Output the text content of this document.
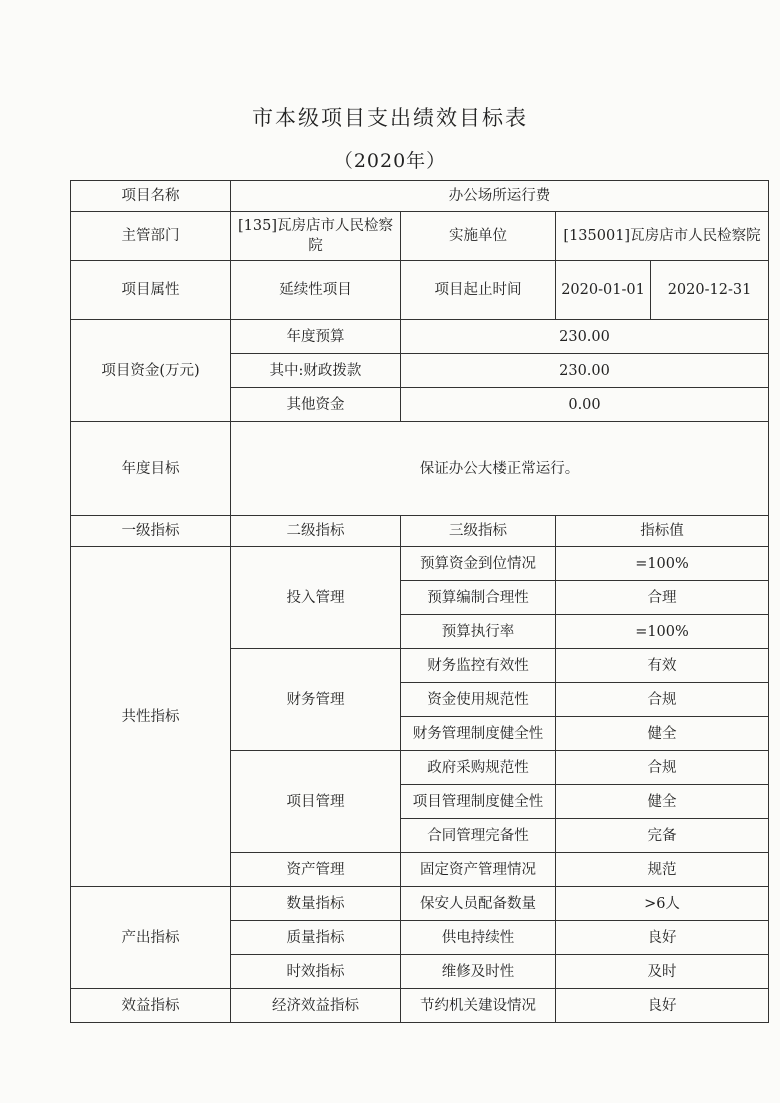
市本级项目支出绩效目标表
（2020年）
项目名称	办公场所运行费			
主管部门	[135]瓦房店市人民检察院	实施单位	[135001]瓦房店市人民检察院	
项目属性	延续性项目	项目起止时间	2020-01-01	2020-12-31
项目资金(万元)	年度预算	230.00		
	其中:财政拨款	230.00		
	其他资金	0.00		
年度目标	保证办公大楼正常运行。			
一级指标	二级指标	三级指标	指标值	
共性指标	投入管理	预算资金到位情况	=100%	
		预算编制合理性	合理	
		预算执行率	=100%	
	财务管理	财务监控有效性	有效	
		资金使用规范性	合规	
		财务管理制度健全性	健全	
	项目管理	政府采购规范性	合规	
		项目管理制度健全性	健全	
		合同管理完备性	完备	
	资产管理	固定资产管理情况	规范	
产出指标	数量指标	保安人员配备数量	>6人	
	质量指标	供电持续性	良好	
	时效指标	维修及时性	及时	
效益指标	经济效益指标	节约机关建设情况	良好	
